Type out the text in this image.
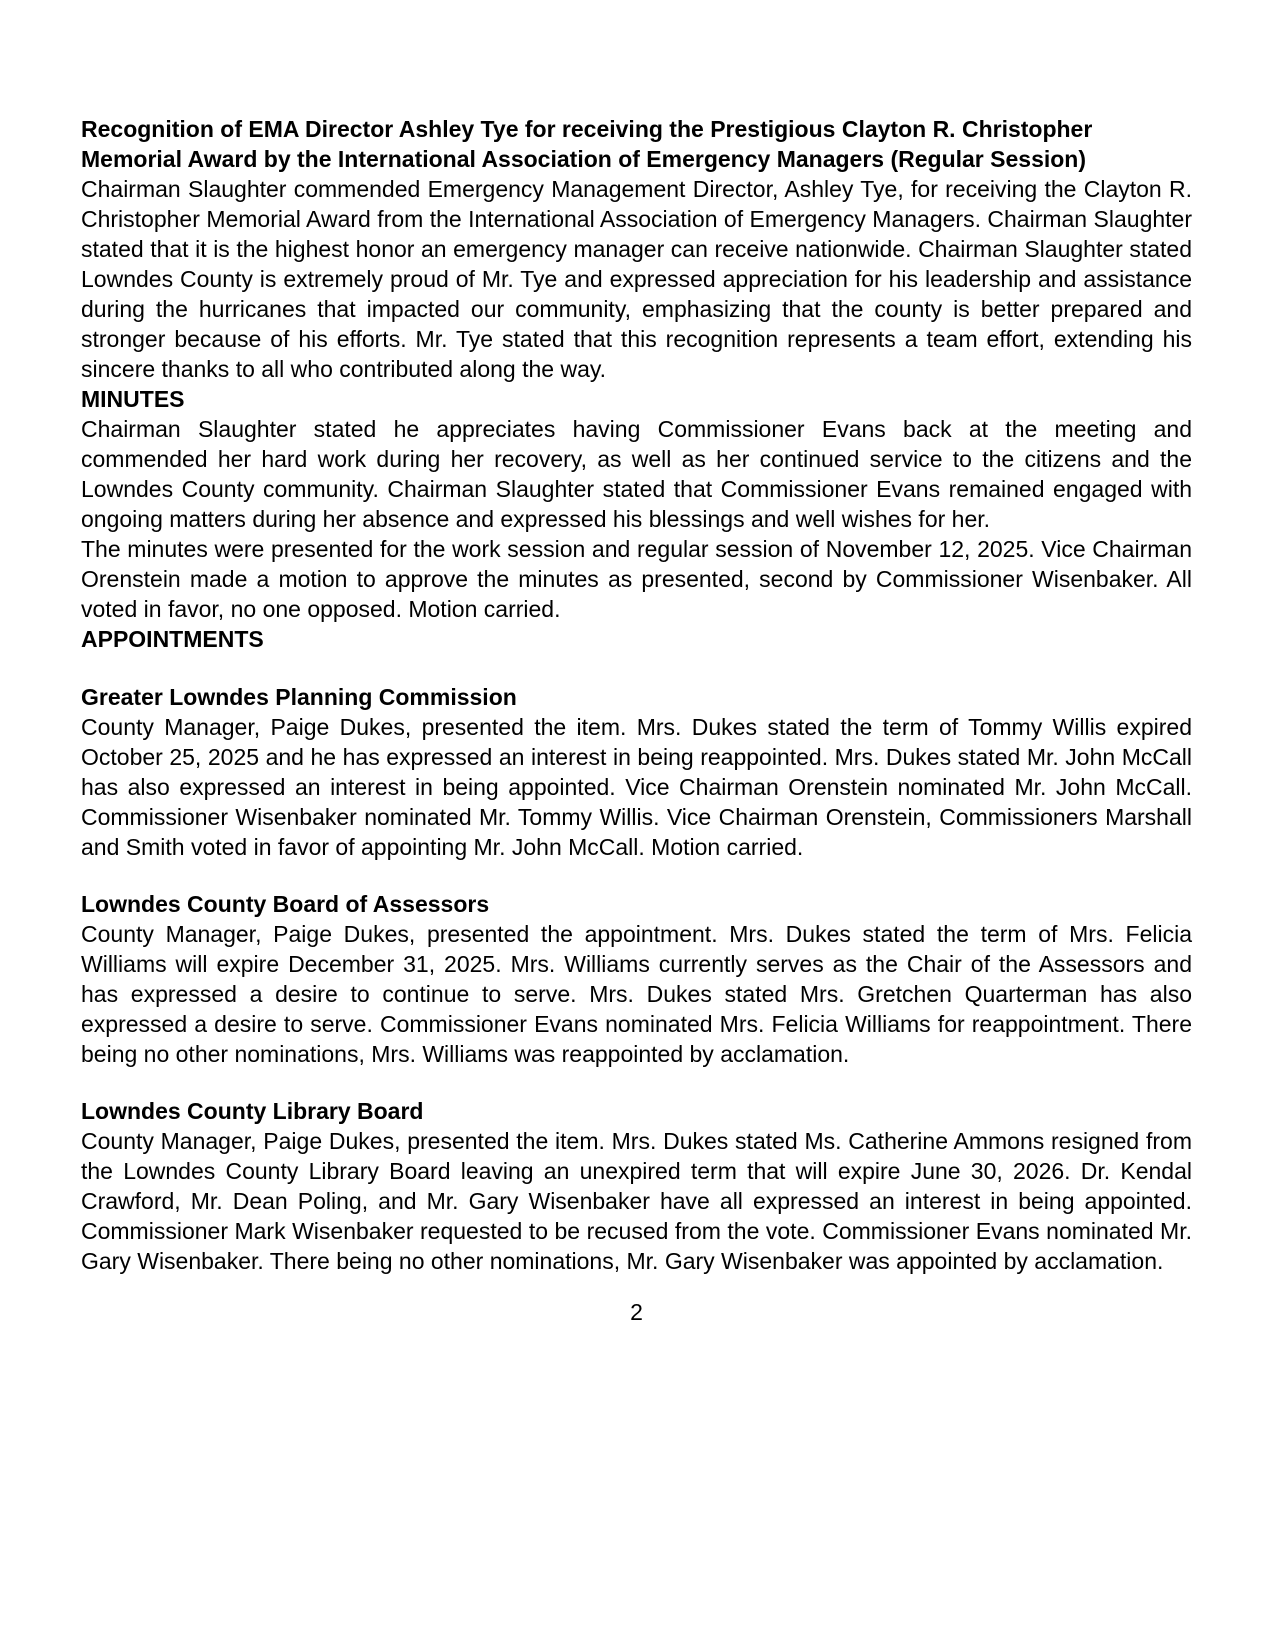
Recognition of EMA Director Ashley Tye for receiving the Prestigious Clayton R. Christopher Memorial Award by the International Association of Emergency Managers (Regular Session)

Chairman Slaughter commended Emergency Management Director, Ashley Tye, for receiving the Clayton R. Christopher Memorial Award from the International Association of Emergency Managers. Chairman Slaughter stated that it is the highest honor an emergency manager can receive nationwide. Chairman Slaughter stated Lowndes County is extremely proud of Mr. Tye and expressed appreciation for his leadership and assistance during the hurricanes that impacted our community, emphasizing that the county is better prepared and stronger because of his efforts. Mr. Tye stated that this recognition represents a team effort, extending his sincere thanks to all who contributed along the way.

MINUTES

Chairman Slaughter stated he appreciates having Commissioner Evans back at the meeting and commended her hard work during her recovery, as well as her continued service to the citizens and the Lowndes County community. Chairman Slaughter stated that Commissioner Evans remained engaged with ongoing matters during her absence and expressed his blessings and well wishes for her.

The minutes were presented for the work session and regular session of November 12, 2025. Vice Chairman Orenstein made a motion to approve the minutes as presented, second by Commissioner Wisenbaker. All voted in favor, no one opposed. Motion carried.

APPOINTMENTS
Greater Lowndes Planning Commission

County Manager, Paige Dukes, presented the item. Mrs. Dukes stated the term of Tommy Willis expired October 25, 2025 and he has expressed an interest in being reappointed. Mrs. Dukes stated Mr. John McCall has also expressed an interest in being appointed. Vice Chairman Orenstein nominated Mr. John McCall. Commissioner Wisenbaker nominated Mr. Tommy Willis. Vice Chairman Orenstein, Commissioners Marshall and Smith voted in favor of appointing Mr. John McCall. Motion carried.

Lowndes County Board of Assessors

County Manager, Paige Dukes, presented the appointment. Mrs. Dukes stated the term of Mrs. Felicia Williams will expire December 31, 2025. Mrs. Williams currently serves as the Chair of the Assessors and has expressed a desire to continue to serve. Mrs. Dukes stated Mrs. Gretchen Quarterman has also expressed a desire to serve. Commissioner Evans nominated Mrs. Felicia Williams for reappointment. There being no other nominations, Mrs. Williams was reappointed by acclamation.

Lowndes County Library Board

County Manager, Paige Dukes, presented the item. Mrs. Dukes stated Ms. Catherine Ammons resigned from the Lowndes County Library Board leaving an unexpired term that will expire June 30, 2026. Dr. Kendal Crawford, Mr. Dean Poling, and Mr. Gary Wisenbaker have all expressed an interest in being appointed. Commissioner Mark Wisenbaker requested to be recused from the vote. Commissioner Evans nominated Mr. Gary Wisenbaker. There being no other nominations, Mr. Gary Wisenbaker was appointed by acclamation.

2
